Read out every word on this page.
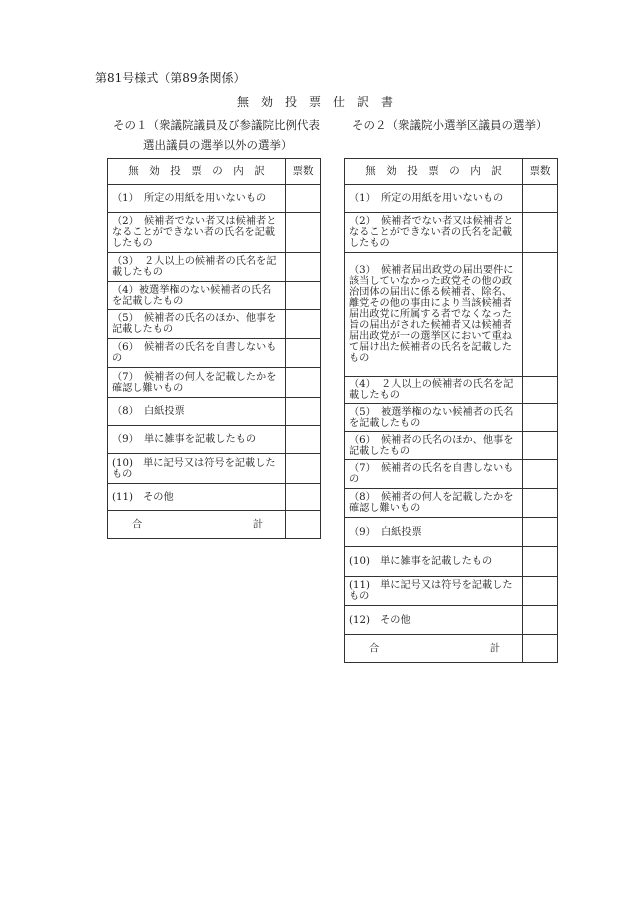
第81号様式（第89条関係）
無　効　投　票　仕　訳　書
その１（衆議院議員及び参議院比例代表
選出議員の選挙以外の選挙）
その２（衆議院小選挙区議員の選挙）
無　効　投　票　の　内　訳	票数
（1）　所定の用紙を用いないもの	
（2）　候補者でない者又は候補者となることができない者の氏名を記載したもの	
（3）　２人以上の候補者の氏名を記載したもの	
（4）被選挙権のない候補者の氏名を記載したもの	
（5）　候補者の氏名のほか、他事を記載したもの	
（6）　候補者の氏名を自書しないもの	
（7）　候補者の何人を記載したかを確認し難いもの	
（8）　白紙投票	
（9）　単に雑事を記載したもの	
(10)　単に記号又は符号を記載したもの	
(11)　その他	

合 計	

無　効　投　票　の　内　訳	票数
（1）　所定の用紙を用いないもの	
（2）　候補者でない者又は候補者となることができない者の氏名を記載したもの	
（3）　候補者届出政党の届出要件に該当していなかった政党その他の政治団体の届出に係る候補者、除名、離党その他の事由により当該候補者届出政党に所属する者でなくなった旨の届出がされた候補者又は候補者届出政党が一の選挙区において重ねて届け出た候補者の氏名を記載したもの	
（4）　２人以上の候補者の氏名を記載したもの	
（5）　被選挙権のない候補者の氏名を記載したもの	
（6）　候補者の氏名のほか、他事を記載したもの	
（7）　候補者の氏名を自書しないもの	
（8）　候補者の何人を記載したかを確認し難いもの	
（9）　白紙投票	
(10)　単に雑事を記載したもの	
(11)　単に記号又は符号を記載したもの	
(12)　その他	

合 計	
